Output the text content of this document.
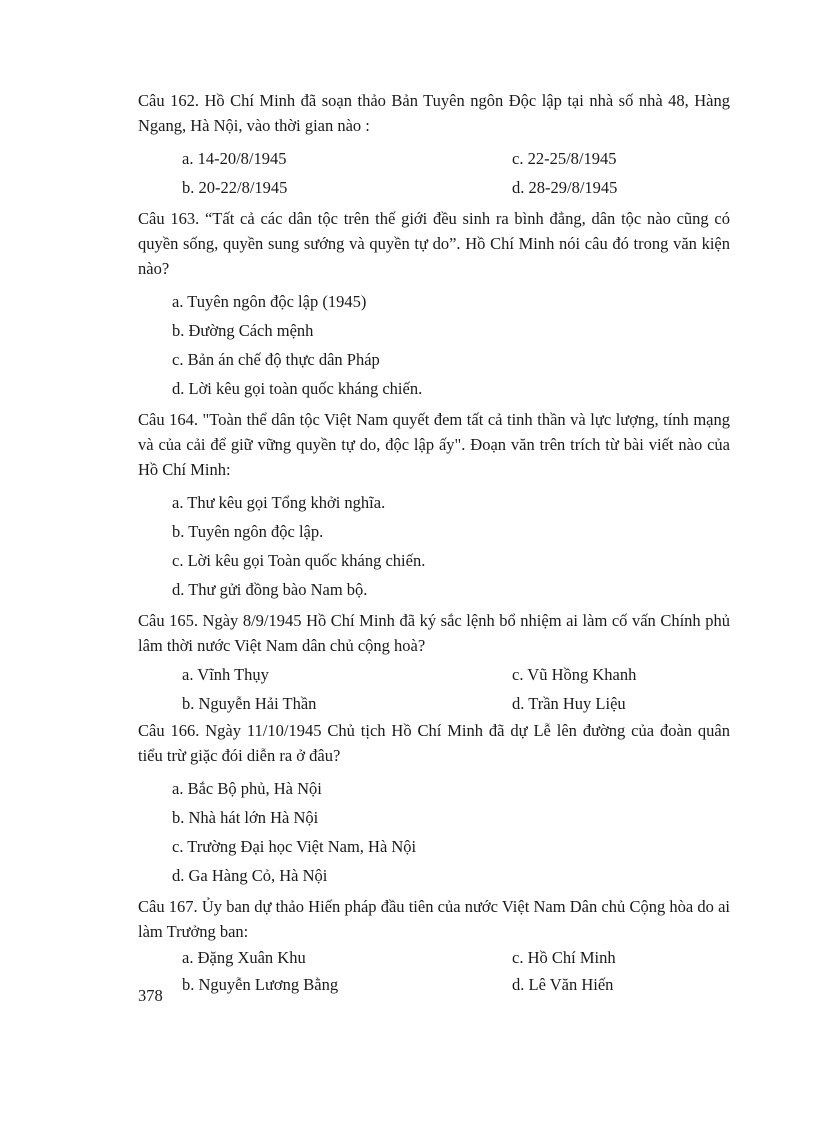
Câu 162. Hồ Chí Minh đã soạn thảo Bản Tuyên ngôn Độc lập tại nhà số nhà 48, Hàng Ngang, Hà Nội, vào thời gian nào :

a. 14-20/8/1945	c. 22-25/8/1945
b. 20-22/8/1945	d. 28-29/8/1945

Câu 163. “Tất cả các dân tộc trên thế giới đều sinh ra bình đẳng, dân tộc nào cũng có quyền sống, quyền sung sướng và quyền tự do”. Hồ Chí Minh nói câu đó trong văn kiện nào?

a. Tuyên ngôn độc lập (1945)
b. Đường Cách mệnh
c. Bản án chế độ thực dân Pháp
d. Lời kêu gọi toàn quốc kháng chiến.

Câu 164. "Toàn thể dân tộc Việt Nam quyết đem tất cả tinh thần và lực lượng, tính mạng và của cải để giữ vững quyền tự do, độc lập ấy". Đoạn văn trên trích từ bài viết nào của Hồ Chí Minh:

a. Thư kêu gọi Tổng khởi nghĩa.
b. Tuyên ngôn độc lập.
c. Lời kêu gọi Toàn quốc kháng chiến.
d. Thư gửi đồng bào Nam bộ.

Câu 165. Ngày 8/9/1945 Hồ Chí Minh đã ký sắc lệnh bổ nhiệm ai làm cố vấn Chính phủ lâm thời nước Việt Nam dân chủ cộng hoà?

a. Vĩnh Thụy	c. Vũ Hồng Khanh
b. Nguyễn Hải Thần	d. Trần Huy Liệu

Câu 166. Ngày 11/10/1945 Chủ tịch Hồ Chí Minh đã dự Lễ lên đường của đoàn quân tiểu trừ giặc đói diễn ra ở đâu?

a. Bắc Bộ phủ, Hà Nội
b. Nhà hát lớn Hà Nội
c. Trường Đại học Việt Nam, Hà Nội
d. Ga Hàng Cỏ, Hà Nội

Câu 167. Ủy ban dự thảo Hiến pháp đầu tiên của nước Việt Nam Dân chủ Cộng hòa do ai làm Trưởng ban:

a. Đặng Xuân Khu	c. Hồ Chí Minh
b. Nguyễn Lương Bằng	d. Lê Văn Hiến
378
